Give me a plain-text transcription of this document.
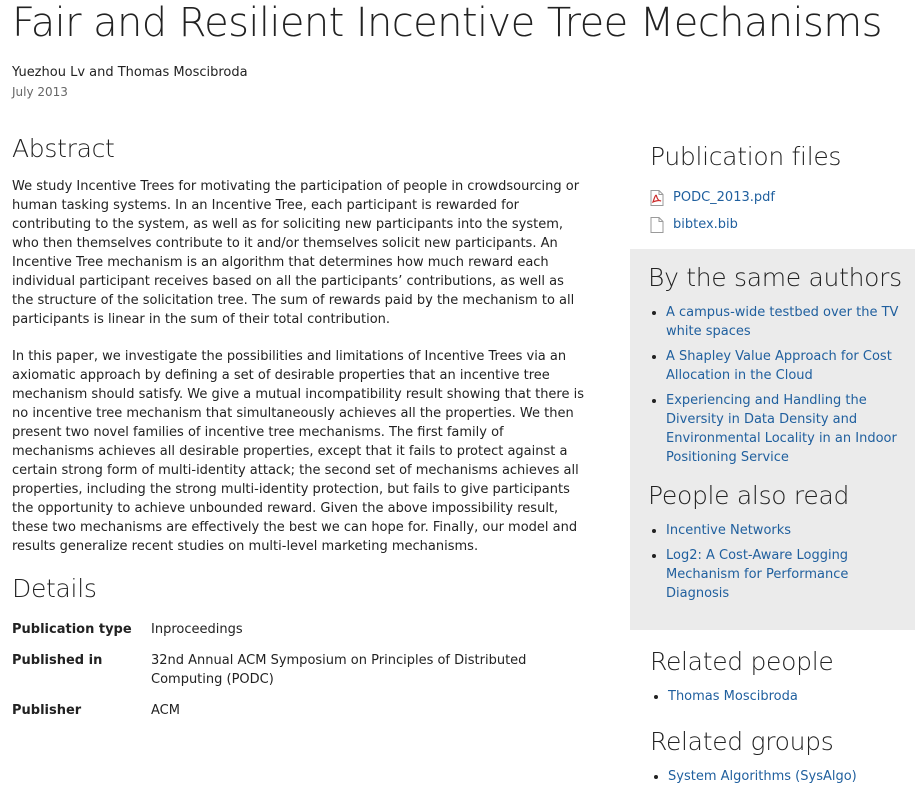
Fair and Resilient Incentive Tree Mechanisms
Yuezhou Lv and Thomas Moscibroda
July 2013
Abstract

We study Incentive Trees for motivating the participation of people in crowdsourcing or human tasking systems. In an Incentive Tree, each participant is rewarded for contributing to the system, as well as for soliciting new participants into the system, who then themselves contribute to it and/or themselves solicit new participants. An Incentive Tree mechanism is an algorithm that determines how much reward each individual participant receives based on all the participants’ contributions, as well as the structure of the solicitation tree. The sum of rewards paid by the mechanism to all participants is linear in the sum of their total contribution.

In this paper, we investigate the possibilities and limitations of Incentive Trees via an axiomatic approach by defining a set of desirable properties that an incentive tree mechanism should satisfy. We give a mutual incompatibility result showing that there is no incentive tree mechanism that simultaneously achieves all the properties. We then present two novel families of incentive tree mechanisms. The first family of mechanisms achieves all desirable properties, except that it fails to protect against a certain strong form of multi-identity attack; the second set of mechanisms achieves all properties, including the strong multi-identity protection, but fails to give participants the opportunity to achieve unbounded reward. Given the above impossibility result, these two mechanisms are effectively the best we can hope for. Finally, our model and results generalize recent studies on multi-level marketing mechanisms.

Details
Publication type	Inproceedings
Published in	32nd Annual ACM Symposium on Principles of Distributed Computing (PODC)
Publisher	ACM
Publication files
PODC_2013.pdf
bibtex.bib
By the same authors
• A campus-wide testbed over the TV white spaces
• A Shapley Value Approach for Cost Allocation in the Cloud
• Experiencing and Handling the Diversity in Data Density and Environmental Locality in an Indoor Positioning Service
People also read
• Incentive Networks
• Log2: A Cost-Aware Logging Mechanism for Performance Diagnosis
Related people
• Thomas Moscibroda
Related groups
• System Algorithms (SysAlgo)
